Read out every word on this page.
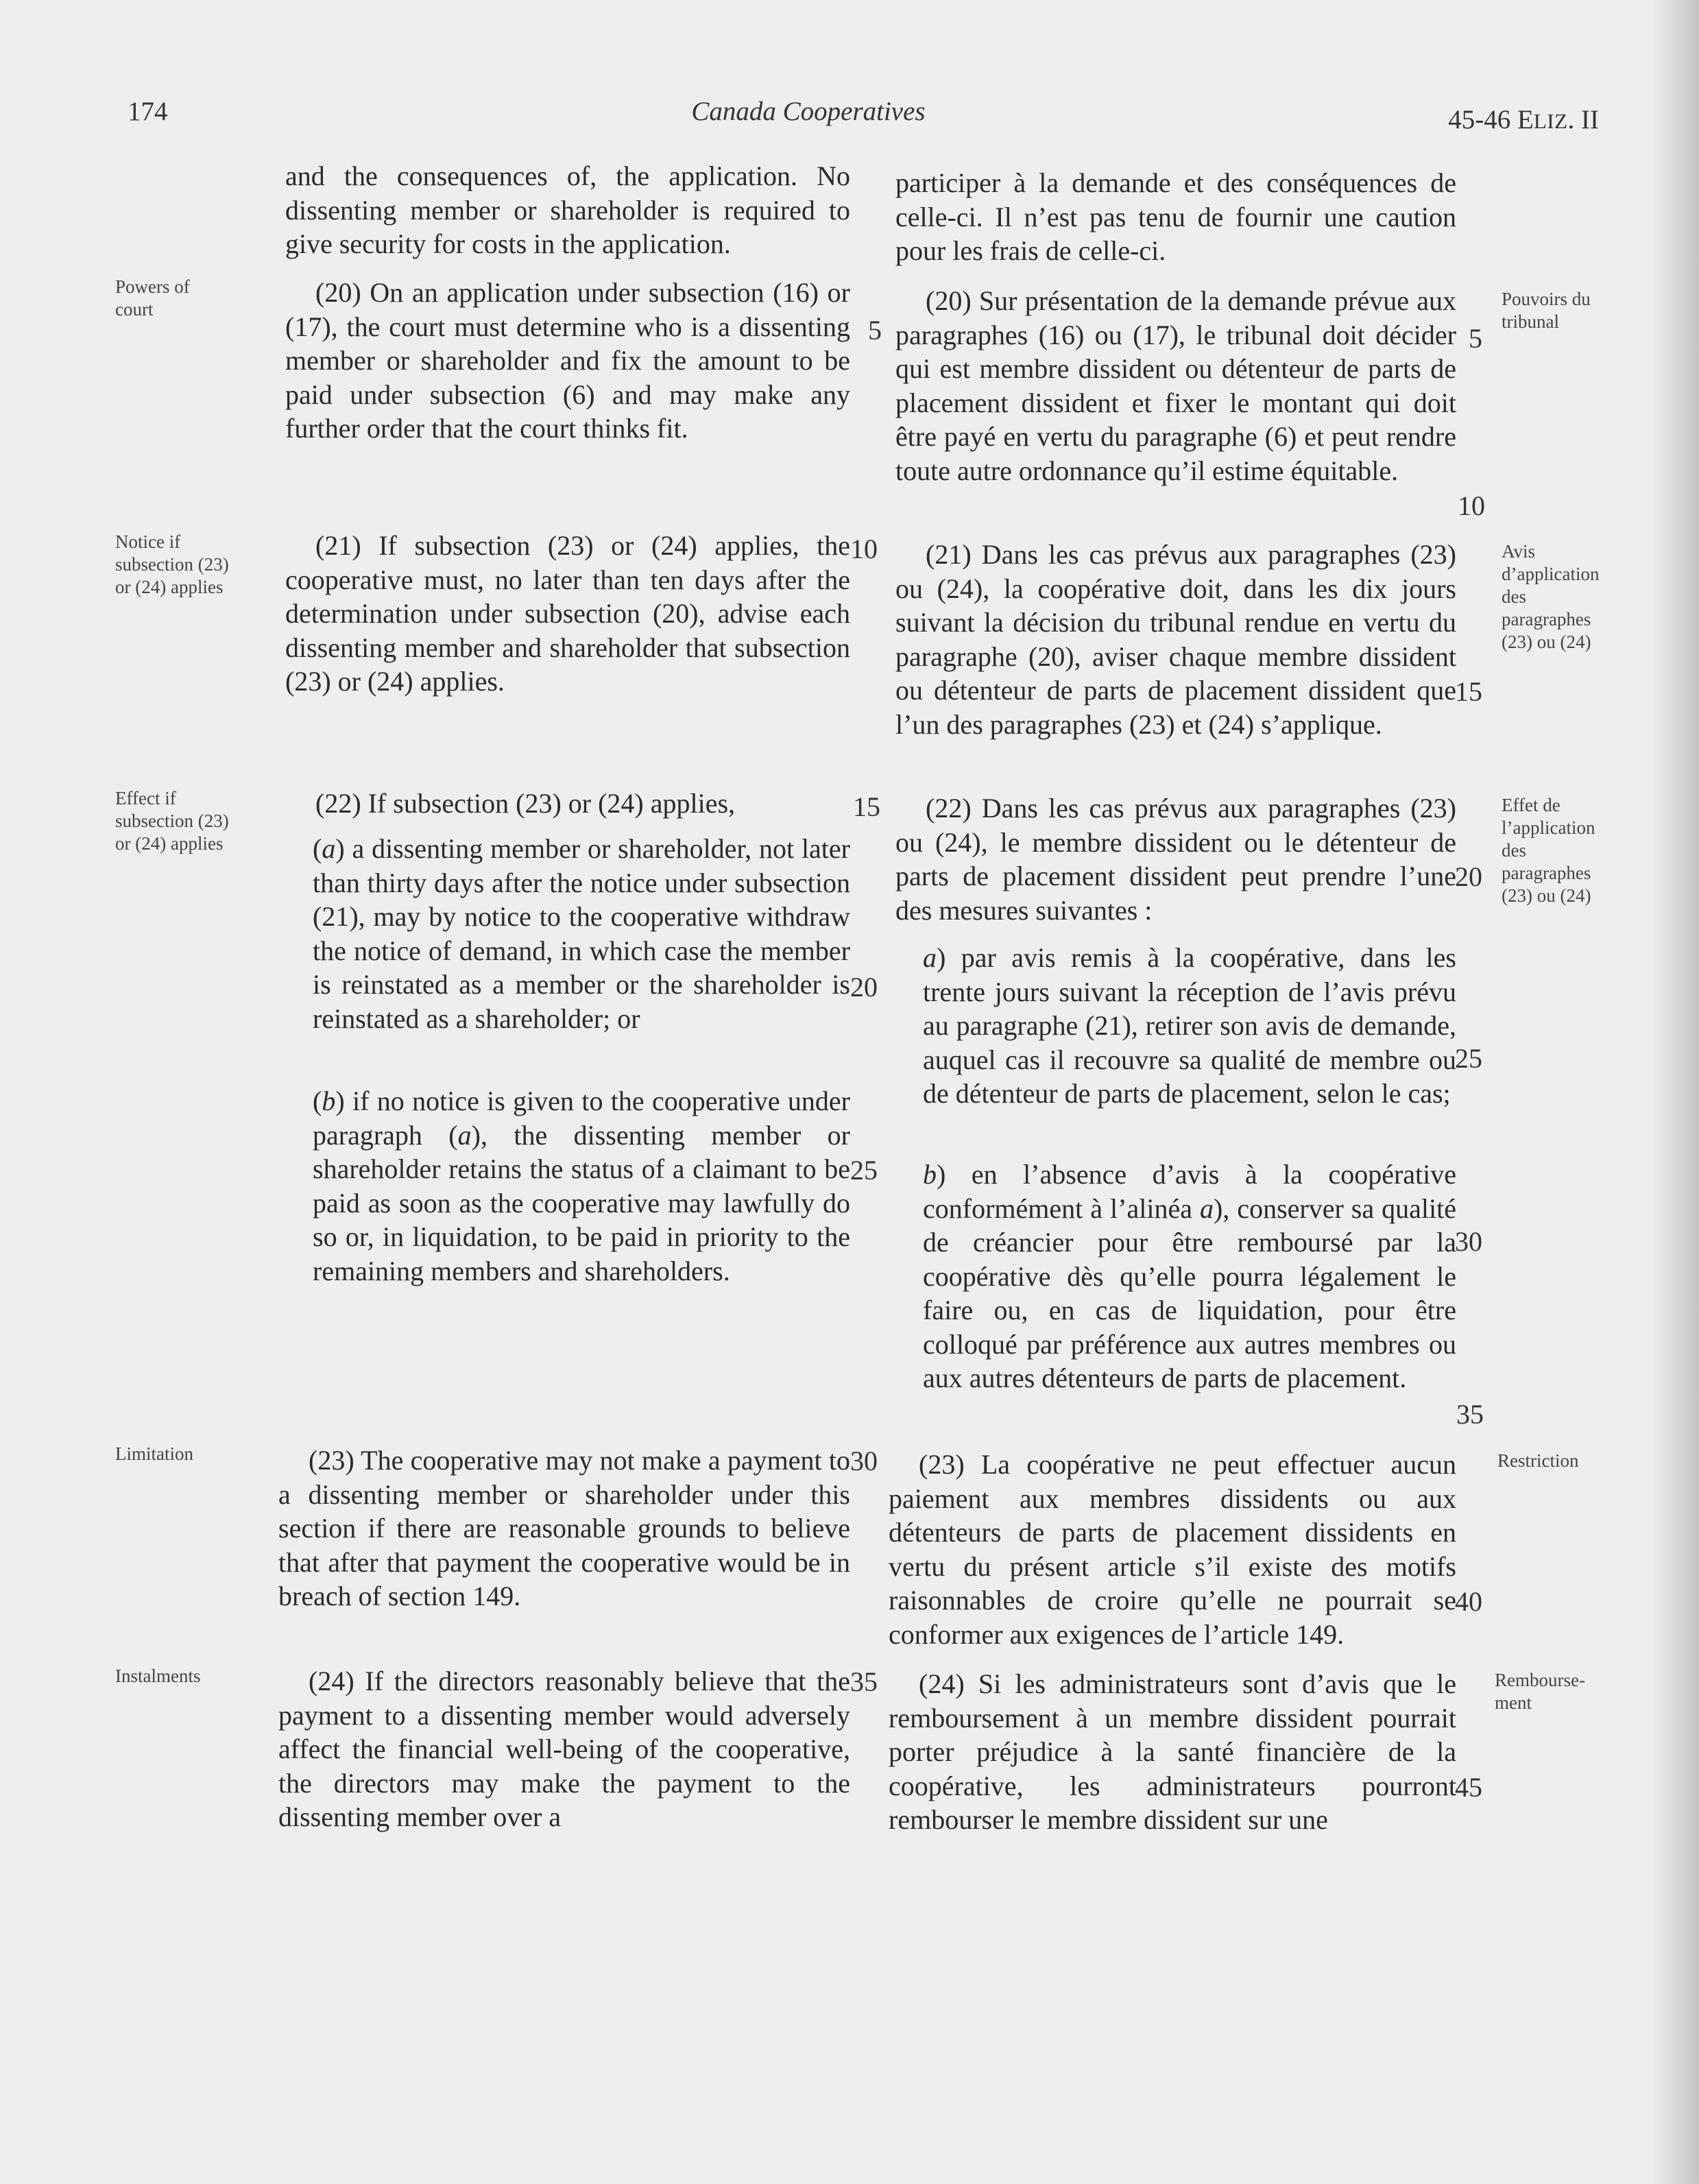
174	Canada Cooperatives	45-46 ELIZ. II

and the consequences of, the application. No dissenting member or shareholder is required to give security for costs in the application.

(20) On an application under subsection (16) or (17), the court must determine who is a dissenting member or shareholder and fix the amount to be paid under subsection (6) and may make any further order that the court thinks fit.

(21) If subsection (23) or (24) applies, the cooperative must, no later than ten days after the determination under subsection (20), advise each dissenting member and shareholder that subsection (23) or (24) applies.

(22) If subsection (23) or (24) applies,

(a) a dissenting member or shareholder, not later than thirty days after the notice under subsection (21), may by notice to the cooperative withdraw the notice of demand, in which case the member is reinstated as a member or the shareholder is reinstated as a shareholder; or

(b) if no notice is given to the cooperative under paragraph (a), the dissenting member or shareholder retains the status of a claimant to be paid as soon as the cooperative may lawfully do so or, in liquidation, to be paid in priority to the remaining members and shareholders.

(23) The cooperative may not make a payment to a dissenting member or shareholder under this section if there are reasonable grounds to believe that after that payment the cooperative would be in breach of section 149.

(24) If the directors reasonably believe that the payment to a dissenting member would adversely affect the financial well-being of the cooperative, the directors may make the payment to the dissenting member over a

Powers of court
Notice if subsection (23) or (24) applies
Effect if subsection (23) or (24) applies
Limitation
Instalments
5
10
15
20
25
30
35

participer à la demande et des conséquences de celle-ci. Il n’est pas tenu de fournir une caution pour les frais de celle-ci.

(20) Sur présentation de la demande prévue aux paragraphes (16) ou (17), le tribunal doit décider qui est membre dissident ou détenteur de parts de placement dissident et fixer le montant qui doit être payé en vertu du paragraphe (6) et peut rendre toute autre ordonnance qu’il estime équitable.

(21) Dans les cas prévus aux paragraphes (23) ou (24), la coopérative doit, dans les dix jours suivant la décision du tribunal rendue en vertu du paragraphe (20), aviser chaque membre dissident ou détenteur de parts de placement dissident que l’un des paragraphes (23) et (24) s’applique.

(22) Dans les cas prévus aux paragraphes (23) ou (24), le membre dissident ou le détenteur de parts de placement dissident peut prendre l’une des mesures suivantes :

a) par avis remis à la coopérative, dans les trente jours suivant la réception de l’avis prévu au paragraphe (21), retirer son avis de demande, auquel cas il recouvre sa qualité de membre ou de détenteur de parts de placement, selon le cas;

b) en l’absence d’avis à la coopérative conformément à l’alinéa a), conserver sa qualité de créancier pour être remboursé par la coopérative dès qu’elle pourra légalement le faire ou, en cas de liquidation, pour être colloqué par préférence aux autres membres ou aux autres détenteurs de parts de placement.

(23) La coopérative ne peut effectuer aucun paiement aux membres dissidents ou aux détenteurs de parts de placement dissidents en vertu du présent article s’il existe des motifs raisonnables de croire qu’elle ne pourrait se conformer aux exigences de l’article 149.

(24) Si les administrateurs sont d’avis que le remboursement à un membre dissident pourrait porter préjudice à la santé financière de la coopérative, les administrateurs pourront rembourser le membre dissident sur une

Pouvoirs du tribunal
Avis d’application des paragraphes (23) ou (24)
Effet de l’application des paragraphes (23) ou (24)
Restriction
Rembourse-ment
5
10
15
20
25
30
35
40
45
